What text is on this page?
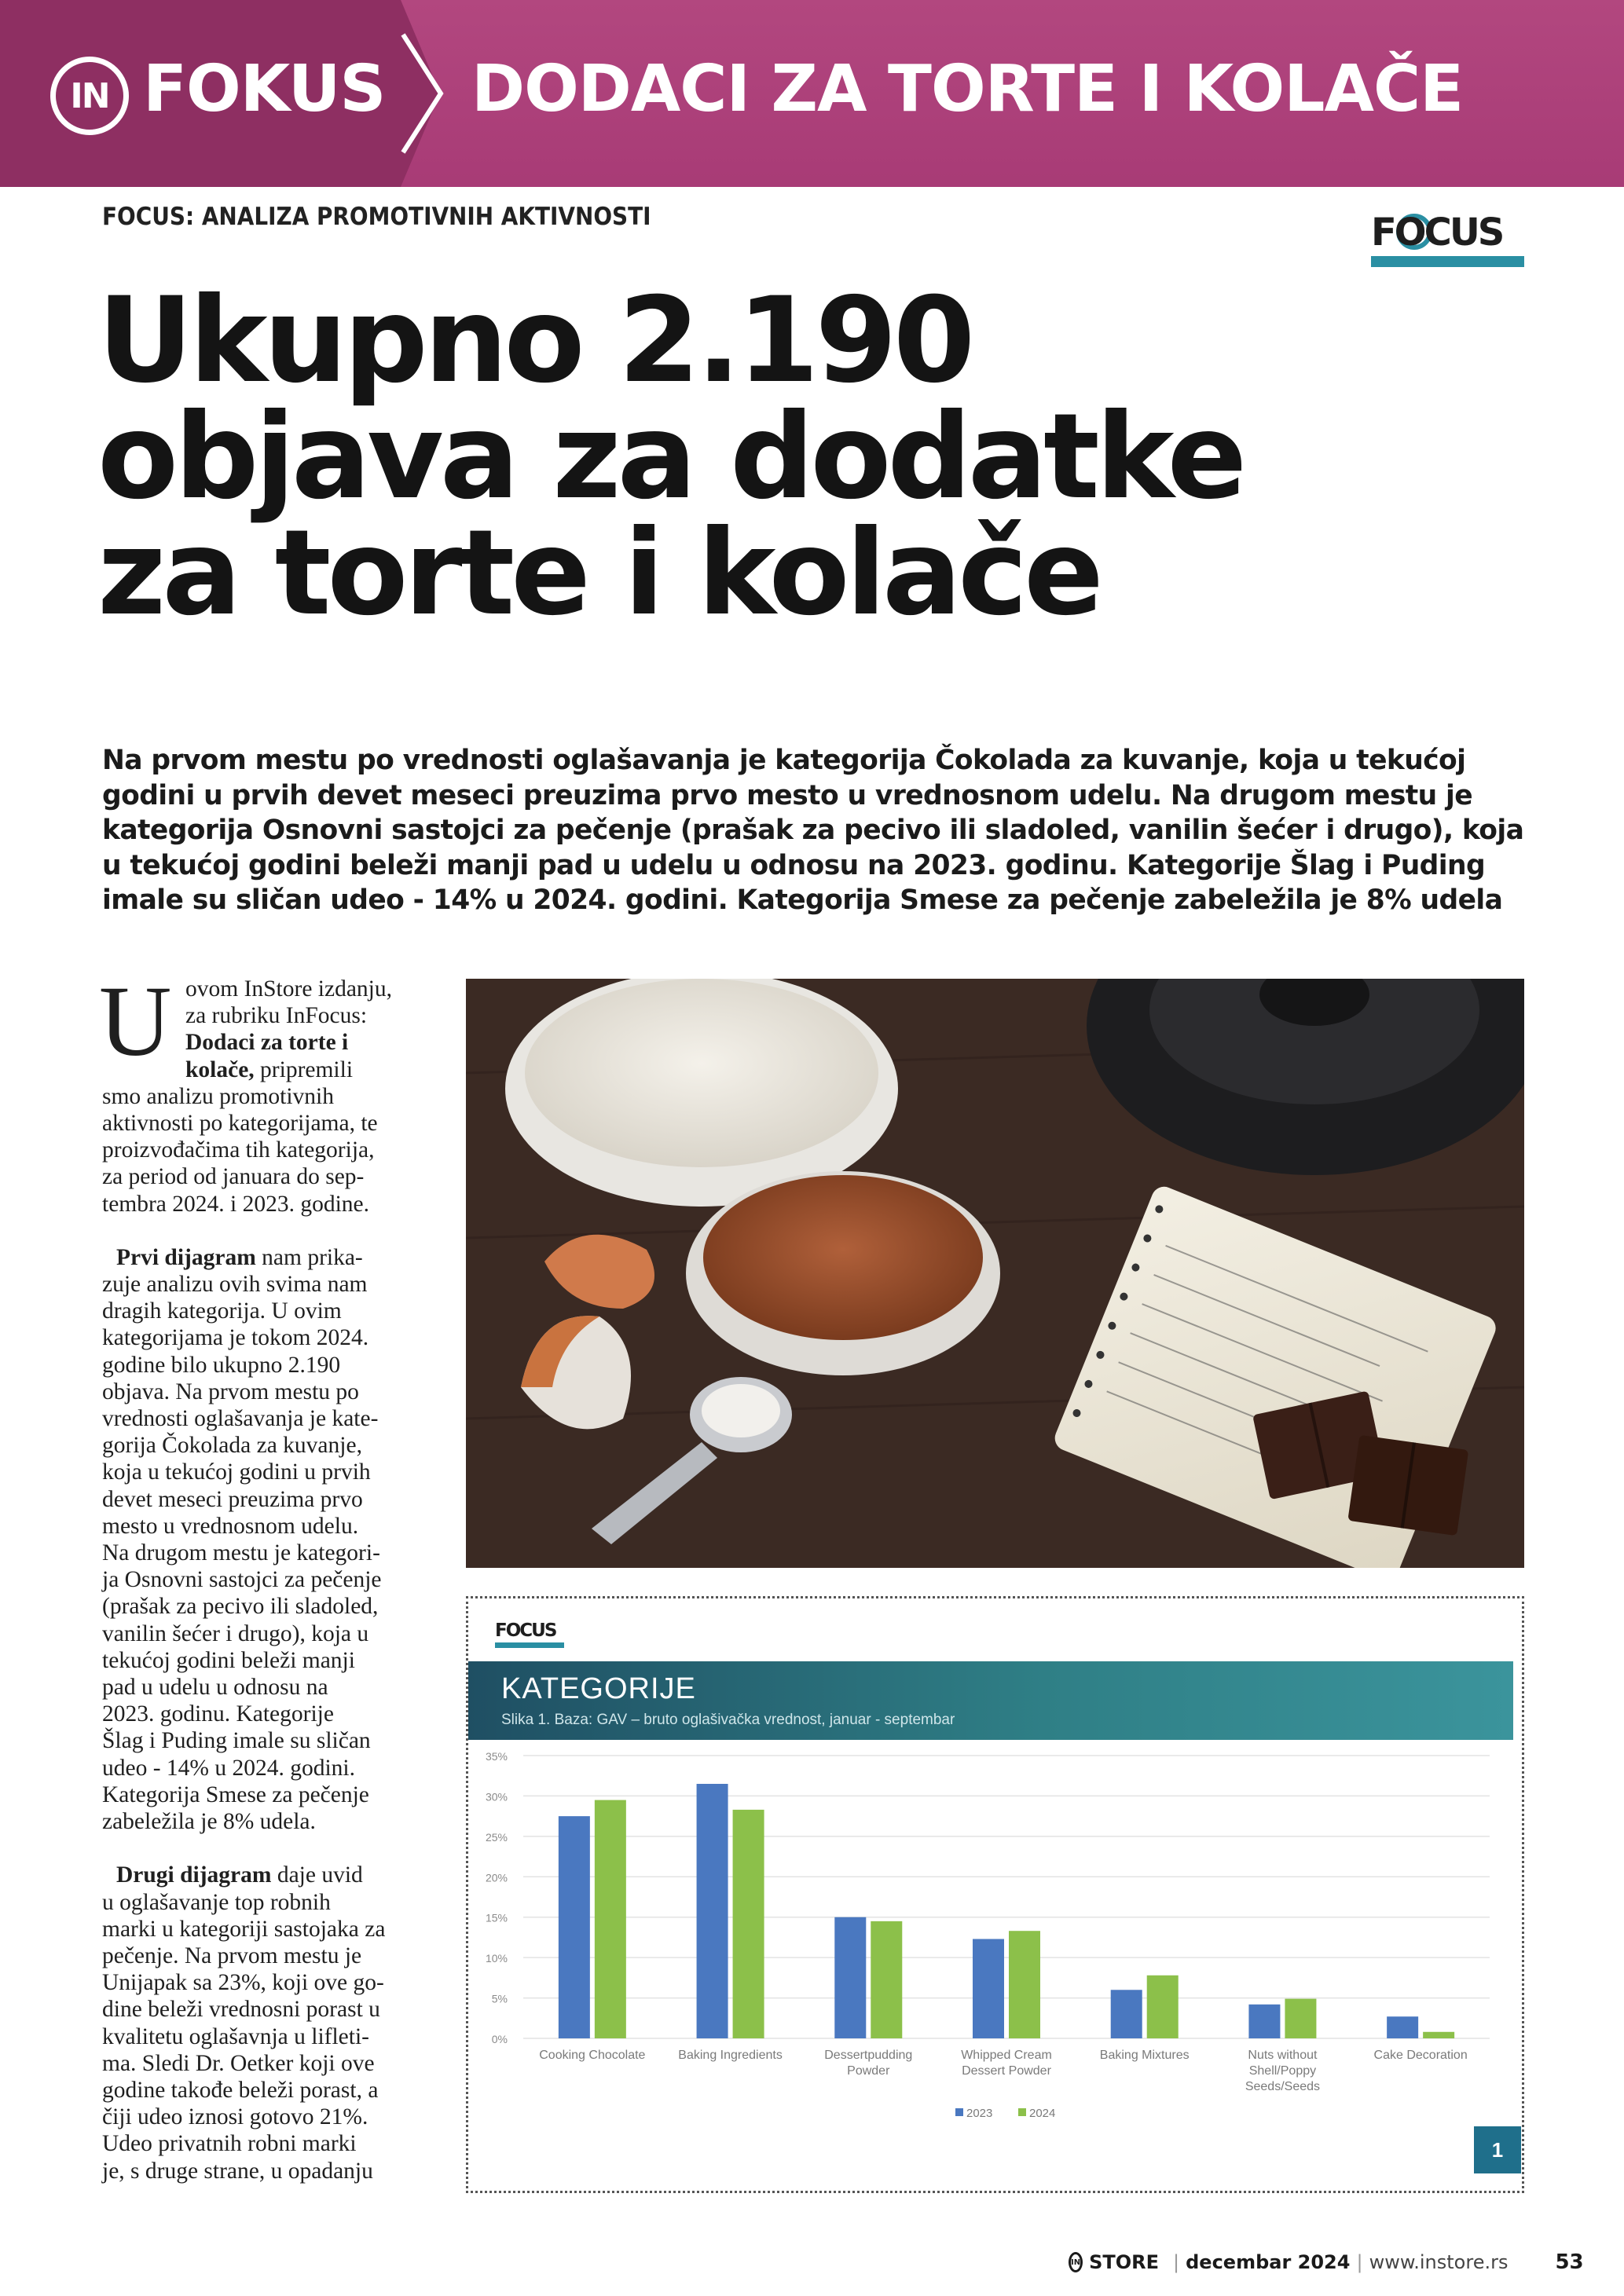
IN FOKUS DODACI ZA TORTE I KOLAČE
FOCUS: ANALIZA PROMOTIVNIH AKTIVNOSTI	FOCUS
Ukupno 2.190
objava za dodatke
za torte i kolače
Na prvom mestu po vrednosti oglašavanja je kategorija Čokolada za kuvanje, koja u tekućoj
godini u prvih devet meseci preuzima prvo mesto u vrednosnom udelu. Na drugom mestu je
kategorija Osnovni sastojci za pečenje (prašak za pecivo ili sladoled, vanilin šećer i drugo), koja
u tekućoj godini beleži manji pad u udelu u odnosu na 2023. godinu. Kategorije Šlag i Puding
imale su sličan udeo - 14% u 2024. godini. Kategorija Smese za pečenje zabeležila je 8% udela

U ovom InStore izdanju,
za rubriku InFocus:
Dodaci za torte i
kolače, pripremili
smo analizu promotivnih
aktivnosti po kategorijama, te
proizvođačima tih kategorija,
za period od januara do sep-
tembra 2024. i 2023. godine.

Prvi dijagram nam prika-
zuje analizu ovih svima nam
dragih kategorija. U ovim
kategorijama je tokom 2024.
godine bilo ukupno 2.190
objava. Na prvom mestu po
vrednosti oglašavanja je kate-
gorija Čokolada za kuvanje,
koja u tekućoj godini u prvih
devet meseci preuzima prvo
mesto u vrednosnom udelu.
Na drugom mestu je kategori-
ja Osnovni sastojci za pečenje
(prašak za pecivo ili sladoled,
vanilin šećer i drugo), koja u
tekućoj godini beleži manji
pad u udelu u odnosu na
2023. godinu. Kategorije
Šlag i Puding imale su sličan
udeo - 14% u 2024. godini.
Kategorija Smese za pečenje
zabeležila je 8% udela.

Drugi dijagram daje uvid
u oglašavanje top robnih
marki u kategoriji sastojaka za
pečenje. Na prvom mestu je
Unijapak sa 23%, koji ove go-
dine beleži vrednosni porast u
kvalitetu oglašavnja u lifleti-
ma. Sledi Dr. Oetker koji ove
godine takođe beleži porast, a
čiji udeo iznosi gotovo 21%.
Udeo privatnih robni marki
je, s druge strane, u opadanju

FOCUS
KATEGORIJE
Slika 1. Baza: GAV – bruto oglašivačka vrednost, januar - septembar
0%
5%
10%
15%
20%
25%
30%
35%
Cooking Chocolate	Baking Ingredients	Dessertpudding
Powder
Whipped Cream
Dessert Powder
Baking Mixtures	Nuts without
Shell/Poppy
Seeds/Seeds
Cake Decoration
2023	2024
1
IN STORE | decembar 2024 | www.instore.rs 53
